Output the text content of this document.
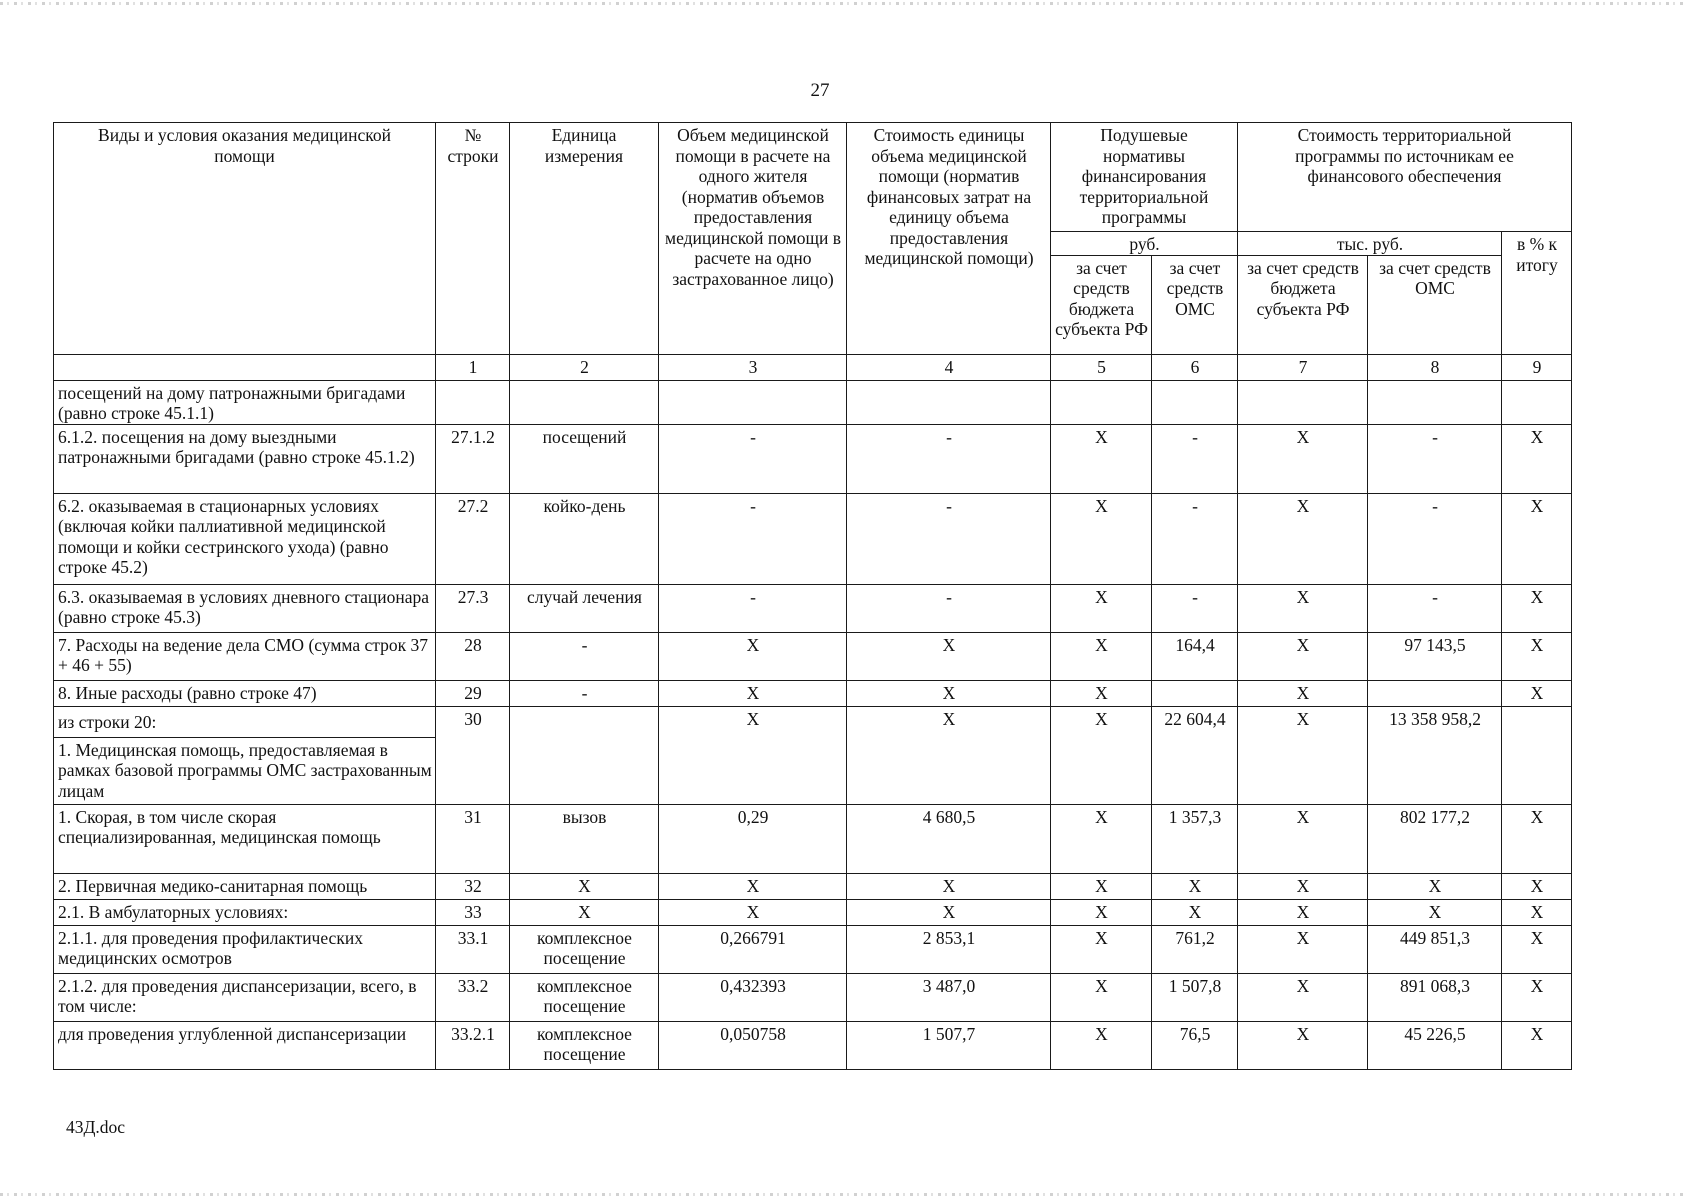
27
Виды и условия оказания медицинской помощи	№ строки	Единица измерения	Объем медицинской помощи в расчете на одного жителя (норматив объемов предоставления медицинской помощи в расчете на одно застрахованное лицо)	Стоимость единицы объема медицинской помощи (норматив финансовых затрат на единицу объема предоставления медицинской помощи)	Подушевые нормативы финансирования территориальной программы		Стоимость территориальной программы по источникам ее финансового обеспечения		
					руб.		тыс. руб.		в % к итогу
					за счет средств бюджета субъекта РФ	за счет средств ОМС	за счет средств бюджета субъекта РФ	за счет средств ОМС	
	1	2	3	4	5	6	7	8	9
посещений на дому патронажными бригадами (равно строке 45.1.1)									
6.1.2. посещения на дому выездными патронажными бригадами (равно строке 45.1.2)	27.1.2	посещений	-	-	X	-	X	-	X
6.2. оказываемая в стационарных условиях (включая койки паллиативной медицинской помощи и койки сестринского ухода) (равно строке 45.2)	27.2	койко-день	-	-	X	-	X	-	X
6.3. оказываемая в условиях дневного стационара (равно строке 45.3)	27.3	случай лечения	-	-	X	-	X	-	X
7. Расходы на ведение дела СМО (сумма строк 37 + 46 + 55)	28	-	X	X	X	164,4	X	97 143,5	X
8. Иные расходы (равно строке 47)	29	-	X	X	X		X		X
из строки 20:	30		X	X	X	22 604,4	X	13 358 958,2	
1. Медицинская помощь, предоставляемая в рамках базовой программы ОМС застрахованным лицам									
1. Скорая, в том числе скорая специализированная, медицинская помощь	31	вызов	0,29	4 680,5	X	1 357,3	X	802 177,2	X
2. Первичная медико-санитарная помощь	32	X	X	X	X	X	X	X	X
2.1. В амбулаторных условиях:	33	X	X	X	X	X	X	X	X
2.1.1. для проведения профилактических медицинских осмотров	33.1	комплексное посещение	0,266791	2 853,1	X	761,2	X	449 851,3	X
2.1.2. для проведения диспансеризации, всего, в том числе:	33.2	комплексное посещение	0,432393	3 487,0	X	1 507,8	X	891 068,3	X
для проведения углубленной диспансеризации	33.2.1	комплексное посещение	0,050758	1 507,7	X	76,5	X	45 226,5	X
43Д.doc
